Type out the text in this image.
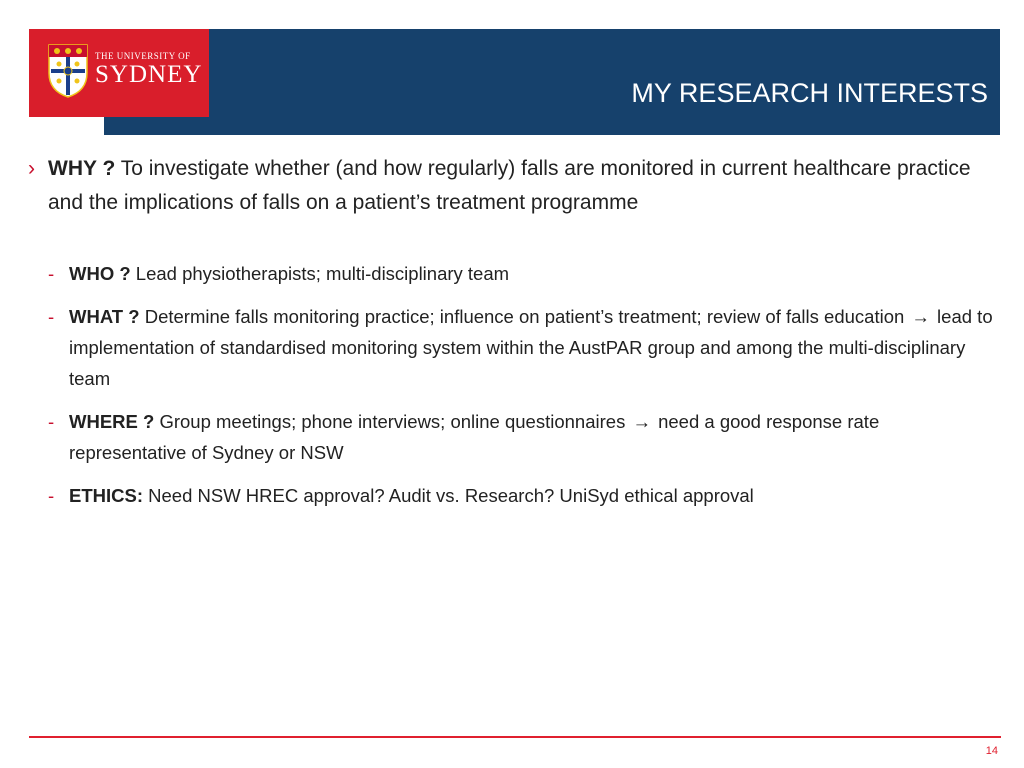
THE UNIVERSITY OF
SYDNEY
MY RESEARCH INTERESTS
› WHY ? To investigate whether (and how regularly) falls are monitored in current healthcare practice and the implications of falls on a patient’s treatment programme
- WHO ? Lead physiotherapists; multi-disciplinary team
- WHAT ? Determine falls monitoring practice; influence on patient’s treatment; review of falls education → lead to implementation of standardised monitoring system within the AustPAR group and among the multi-disciplinary team
- WHERE ? Group meetings; phone interviews; online questionnaires → need a good response rate representative of Sydney or NSW
- ETHICS: Need NSW HREC approval? Audit vs. Research? UniSyd ethical approval
14
